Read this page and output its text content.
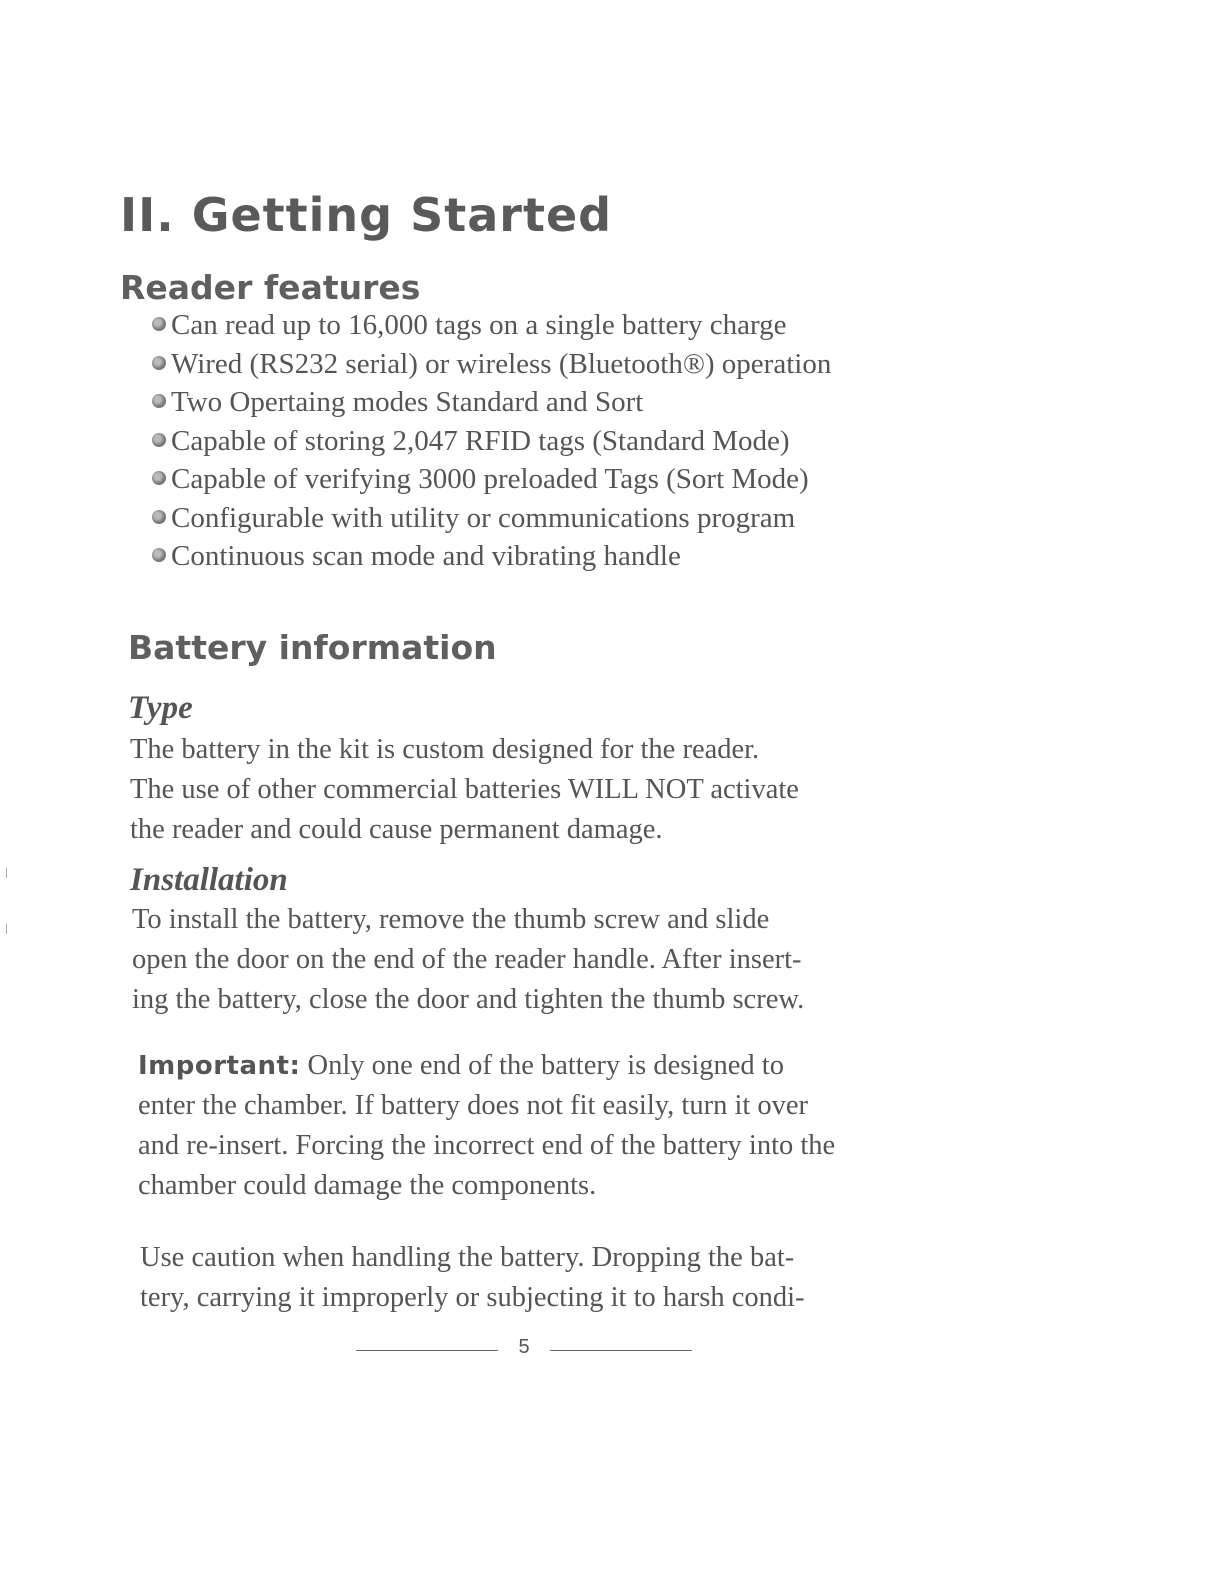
II. Getting Started
Reader features
Can read up to 16,000 tags on a single battery charge
Wired (RS232 serial) or wireless (Bluetooth®) operation
Two Opertaing modes Standard and Sort
Capable of storing 2,047 RFID tags (Standard Mode)
Capable of verifying 3000 preloaded Tags (Sort Mode)
Configurable with utility or communications program
Continuous scan mode and vibrating handle
Battery information
Type

The battery in the kit is custom designed for the reader.
The use of other commercial batteries WILL NOT activate
the reader and could cause permanent damage.

Installation

To install the battery, remove the thumb screw and slide
open the door on the end of the reader handle. After insert-
ing the battery, close the door and tighten the thumb screw.

Important: Only one end of the battery is designed to
enter the chamber. If battery does not fit easily, turn it over
and re-insert. Forcing the incorrect end of the battery into the
chamber could damage the components.

Use caution when handling the battery. Dropping the bat-
tery, carrying it improperly or subjecting it to harsh condi-

5
